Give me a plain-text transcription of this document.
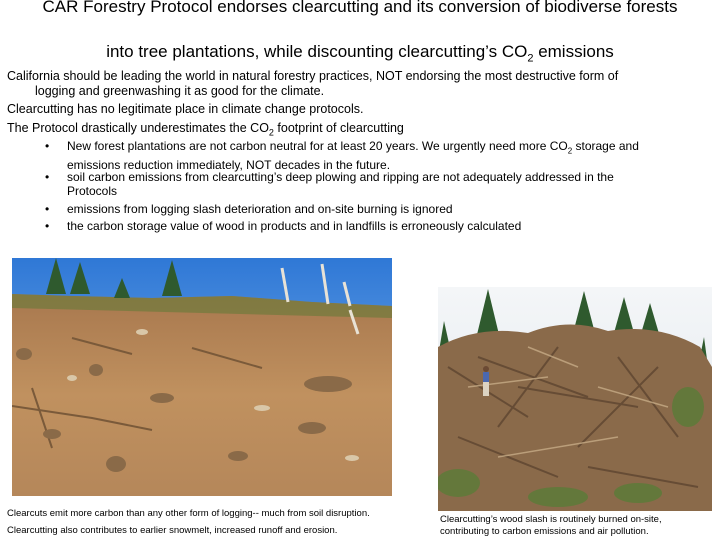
CAR Forestry Protocol endorses clearcutting and its conversion of biodiverse forests
into tree plantations, while discounting clearcutting’s $CO_2$ emissions
California should be leading the world in natural forestry practices, NOT endorsing the most destructive form of
logging and greenwashing it as good for the climate.
Clearcutting has no legitimate place in climate change protocols.
The Protocol drastically underestimates the $CO_2$ footprint of clearcutting
•	New forest plantations are not carbon neutral for at least 20 years. We urgently need more $CO_2$ storage and
emissions reduction immediately, NOT decades in the future.
•	soil carbon emissions from clearcutting’s deep plowing and ripping are not adequately addressed in the
Protocols
•	emissions from logging slash deterioration and on-site burning is ignored
•	the carbon storage value of wood in products and in landfills is erroneously calculated
Clearcuts emit more carbon than any other form of logging-- much from soil disruption.
Clearcutting also contributes to earlier snowmelt, increased runoff and erosion.
Clearcutting’s wood slash is routinely burned on-site,
contributing to carbon emissions and air pollution.
